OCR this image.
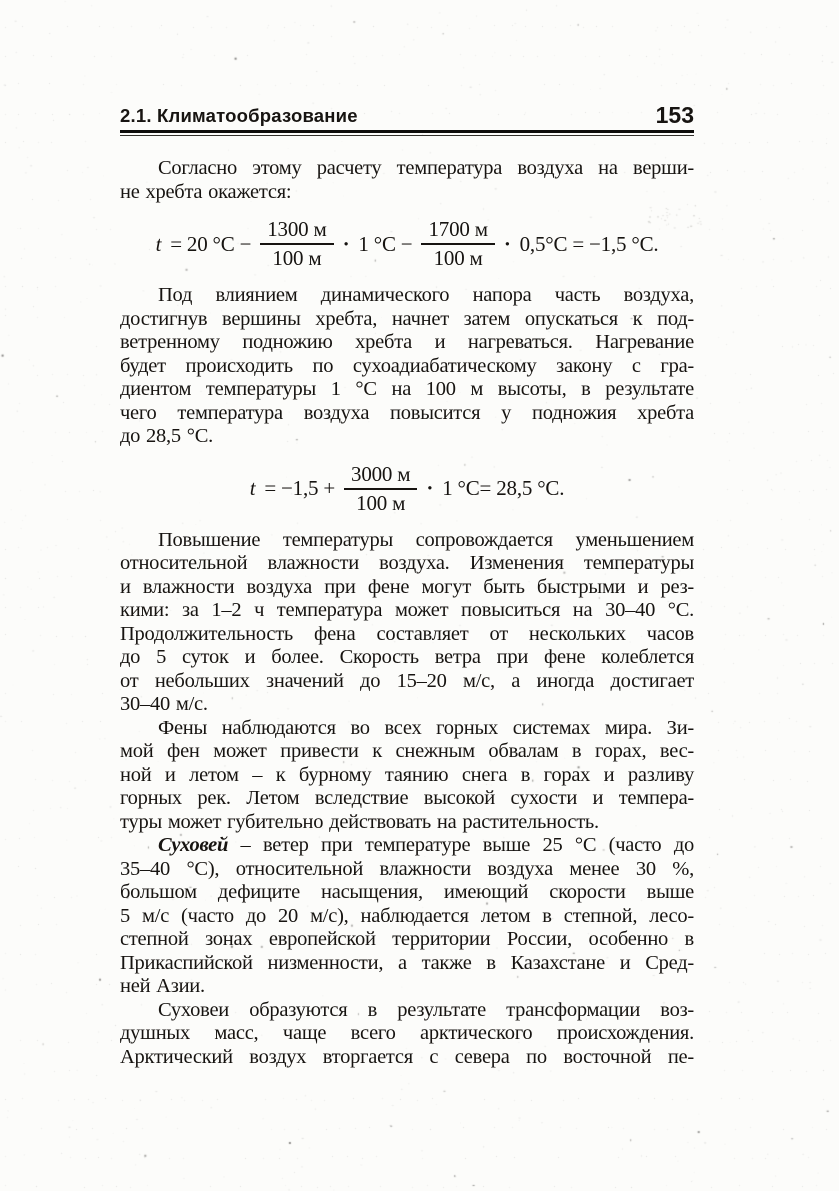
2.1. Климатообразование	153
Согласно этому расчету температура воздуха на верши-
не хребта окажется:
t = 20 $^\circ С - \frac{1300 м}{100 м} \cdot 1$ $^\circ С - \frac{1700 м}{100 м} \cdot 0,5^\circ С = -1,5$ °С.
Под влиянием динамического напора часть воздуха,
достигнув вершины хребта, начнет затем опускаться к под-
ветренному подножию хребта и нагреваться. Нагревание
будет происходить по сухоадиабатическому закону с гра-
диентом температуры 1 °С на 100 м высоты, в результате
чего температура воздуха повысится у подножия хребта
до 28,5 °С.
$t = -1,5 + \frac{3000 м}{100 м} \cdot 1$ °С= 28,5 °С.
Повышение температуры сопровождается уменьшением
относительной влажности воздуха. Изменения температуры
и влажности воздуха при фене могут быть быстрыми и рез-
кими: за 1–2 ч температура может повыситься на 30–40 °С.
Продолжительность фена составляет от нескольких часов
до 5 суток и более. Скорость ветра при фене колеблется
от небольших значений до 15–20 м/с, а иногда достигает
30–40 м/с.
Фены наблюдаются во всех горных системах мира. Зи-
мой фен может привести к снежным обвалам в горах, вес-
ной и летом – к бурному таянию снега в горах и разливу
горных рек. Летом вследствие высокой сухости и темпера-
туры может губительно действовать на растительность.
Суховей – ветер при температуре выше 25 °С (часто до
35–40 °С), относительной влажности воздуха менее 30 %,
большом дефиците насыщения, имеющий скорости выше
5 м/с (часто до 20 м/с), наблюдается летом в степной, лесо-
степной зонах европейской территории России, особенно в
Прикаспийской низменности, а также в Казахстане и Сред-
ней Азии.
Суховеи образуются в результате трансформации воз-
душных масс, чаще всего арктического происхождения.
Арктический воздух вторгается с севера по восточной пе-
